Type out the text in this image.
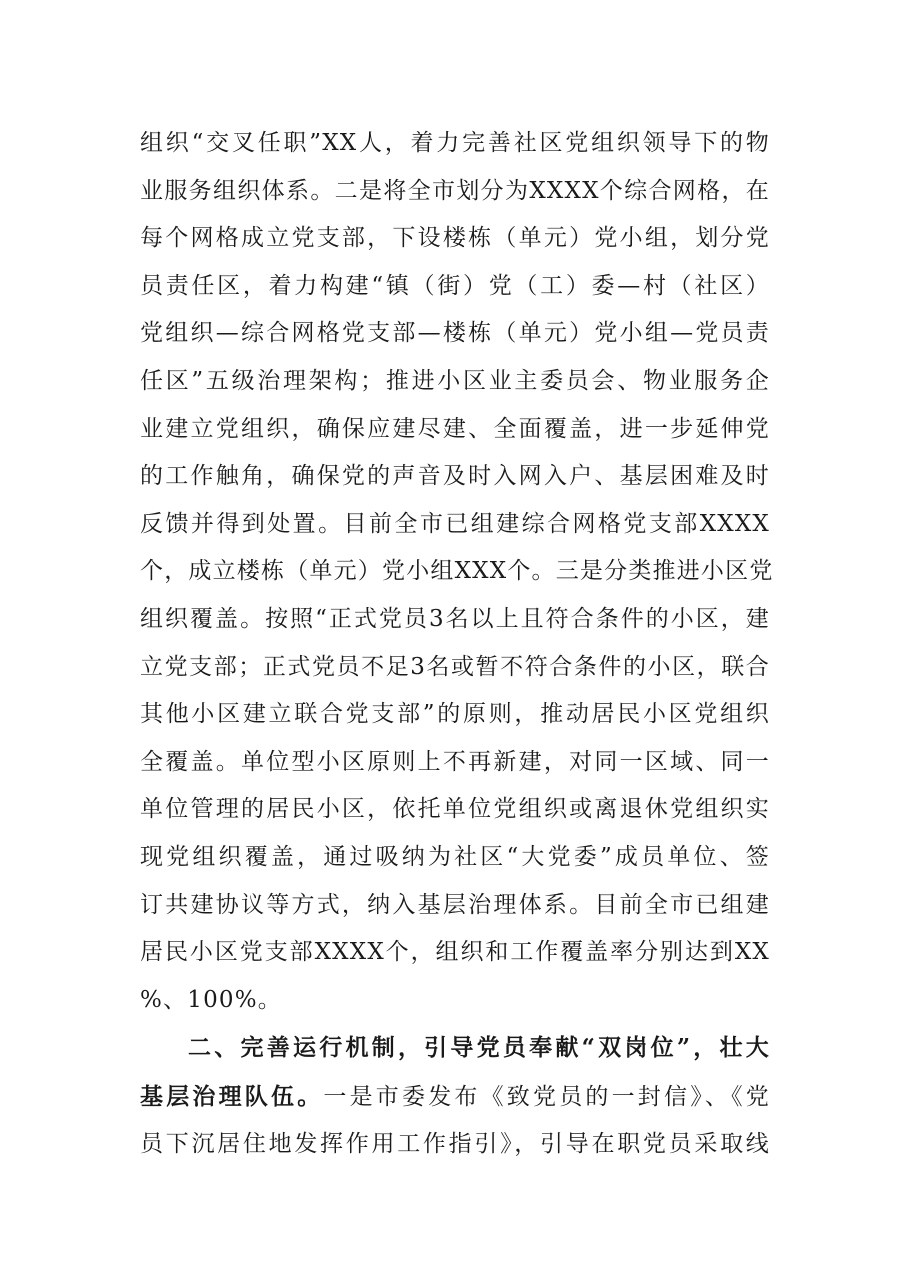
组织“交叉任职”XX人，着力完善社区党组织领导下的物
业服务组织体系。二是将全市划分为XXXX个综合网格，在
每个网格成立党支部，下设楼栋（单元）党小组，划分党
员责任区，着力构建“镇（街）党（工）委—村（社区）
党组织—综合网格党支部—楼栋（单元）党小组—党员责
任区”五级治理架构；推进小区业主委员会、物业服务企
业建立党组织，确保应建尽建、全面覆盖，进一步延伸党
的工作触角，确保党的声音及时入网入户、基层困难及时
反馈并得到处置。目前全市已组建综合网格党支部XXXX
个，成立楼栋（单元）党小组XXX个。三是分类推进小区党
组织覆盖。按照“正式党员3名以上且符合条件的小区，建
立党支部；正式党员不足3名或暂不符合条件的小区，联合
其他小区建立联合党支部”的原则，推动居民小区党组织
全覆盖。单位型小区原则上不再新建，对同一区域、同一
单位管理的居民小区，依托单位党组织或离退休党组织实
现党组织覆盖，通过吸纳为社区“大党委”成员单位、签
订共建协议等方式，纳入基层治理体系。目前全市已组建
居民小区党支部XXXX个，组织和工作覆盖率分别达到XX
%、100%。
二、完善运行机制，引导党员奉献“双岗位”，壮大
基层治理队伍。一是市委发布《致党员的一封信》、《党
员下沉居住地发挥作用工作指引》，引导在职党员采取线
